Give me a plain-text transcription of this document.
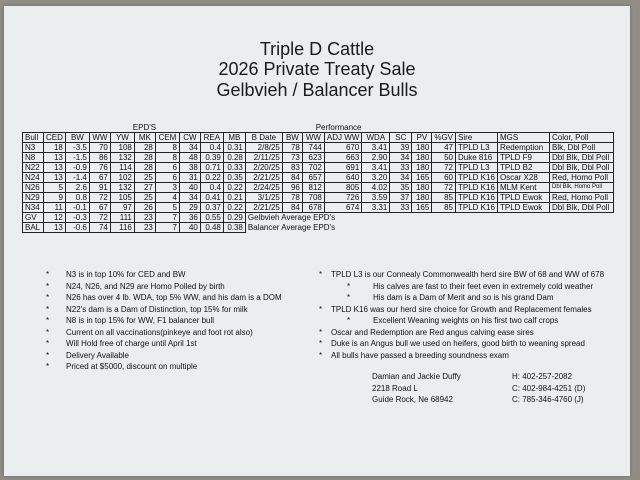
Triple D Cattle
2026 Private Treaty Sale
Gelbvieh / Balancer Bulls
	EPD'S									Performance										
Bull	CED	BW	WW	YW	MK	CEM	CW	REA	MB	B Date	BW	WW	ADJ WW	WDA	SC	PV	%GV	Sire	MGS	Color, Poll
N3	18	-3.5	70	108	28	8	34	0.4	0.31	2/8/25	78	744	670	3.41	39	180	47	TPLD L3	Redemption	Blk, Dbl Poll
N8	13	-1.5	86	132	28	8	48	0.39	0.28	2/11/25	73	623	663	2.90	34	180	50	Duke 816	TPLD F9	Dbl Blk, Dbl Poll
N22	13	-0.9	76	114	28	6	38	0.71	0.33	2/20/25	83	702	691	3.41	33	180	72	TPLD L3	TPLD B2	Dbl Blk, Dbl Poll
N24	13	-1.4	67	102	25	6	31	0.22	0.35	2/21/25	84	657	640	3.20	34	165	60	TPLD K16	Oscar X28	Red, Homo Poll
N26	5	2.6	91	132	27	3	40	0.4	0.22	2/24/25	96	812	805	4.02	35	180	72	TPLD K16	MLM Kent	Dbl Blk, Homo Poll
N29	9	0.8	72	105	25	4	34	0.41	0.21	3/1/25	78	708	726	3.59	37	180	85	TPLD K16	TPLD Ewok	Red, Homo Poll
N34	11	-0.1	67	97	26	5	29	0.37	0.22	2/21/25	84	678	674	3.31	33	165	85	TPLD K16	TPLD Ewok	Dbl Blk, Dbl Poll
GV	12	-0.3	72	111	23	7	36	0.55	0.29	Gelbvieh Average EPD's										
BAL	13	-0.6	74	116	23	7	40	0.48	0.38	Balancer Average EPD's										
*	N3 is in top 10% for CED and BW
*	N24, N26, and N29 are Homo Polled by birth
*	N26 has over 4 lb. WDA, top 5% WW, and his dam is a DOM
*	N22's dam is a Dam of Distinction, top 15% for milk
*	N8 is in top 15% for WW, F1 balancer bull
*	Current on all vaccinations(pinkeye and foot rot also)
*	Will Hold free of charge until April 1st
*	Delivery Available
*	Priced at $5000, discount on multiple
*	TPLD L3 is our Connealy Commonwealth herd sire BW of 68 and WW of 678
*	His calves are fast to their feet even in extremely cold weather
*	His dam is a Dam of Merit and so is his grand Dam
*	TPLD K16 was our herd sire choice for Growth and Replacement females
*	Excellent Weaning weights on his first two calf crops
*	Oscar and Redemption are Red angus calving ease sires
*	Duke is an Angus bull we used on heifers, good birth to weaning spread
*	All bulls have passed a breeding soundness exam
Damian and Jackie Duffy
2218 Road L
Guide Rock, Ne 68942
H: 402-257-2082
C: 402-984-4251 (D)
C: 785-346-4760 (J)
